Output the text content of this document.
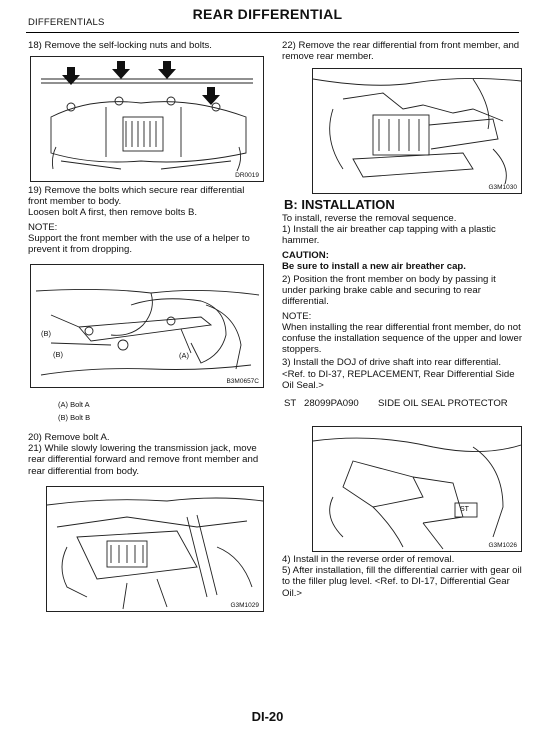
DIFFERENTIALS
REAR DIFFERENTIAL

18) Remove the self-locking nuts and bolts.

DR0019

19) Remove the bolts which secure rear differential front member to body.

Loosen bolt A first, then remove bolts B.

NOTE:

Support the front member with the use of a helper to prevent it from dropping.

(B)
(B)	(A)
B3M0657C
(A) Bolt A
(B) Bolt B

20) Remove bolt A.

21) While slowly lowering the transmission jack, move rear differential forward and remove front member and rear differential from body.

G3M1029

22) Remove the rear differential from front member, and remove rear member.

G3M1030
B: INSTALLATION

To install, reverse the removal sequence.

1) Install the air breather cap tapping with a plastic hammer.

CAUTION:

Be sure to install a new air breather cap.

2) Position the front member on body by passing it under parking brake cable and securing to rear differential.

NOTE:

When installing the rear differential front member, do not confuse the installation sequence of the upper and lower stoppers.

3) Install the DOJ of drive shaft into rear differential.<Ref. to DI-37, REPLACEMENT, Rear Differential Side Oil Seal.>

ST 28099PA090 SIDE OIL SEAL PROTECTOR
ST
G3M1026

4) Install in the reverse order of removal.

5) After installation, fill the differential carrier with gear oil to the filler plug level. <Ref. to DI-17, Differential Gear Oil.>

DI-20
